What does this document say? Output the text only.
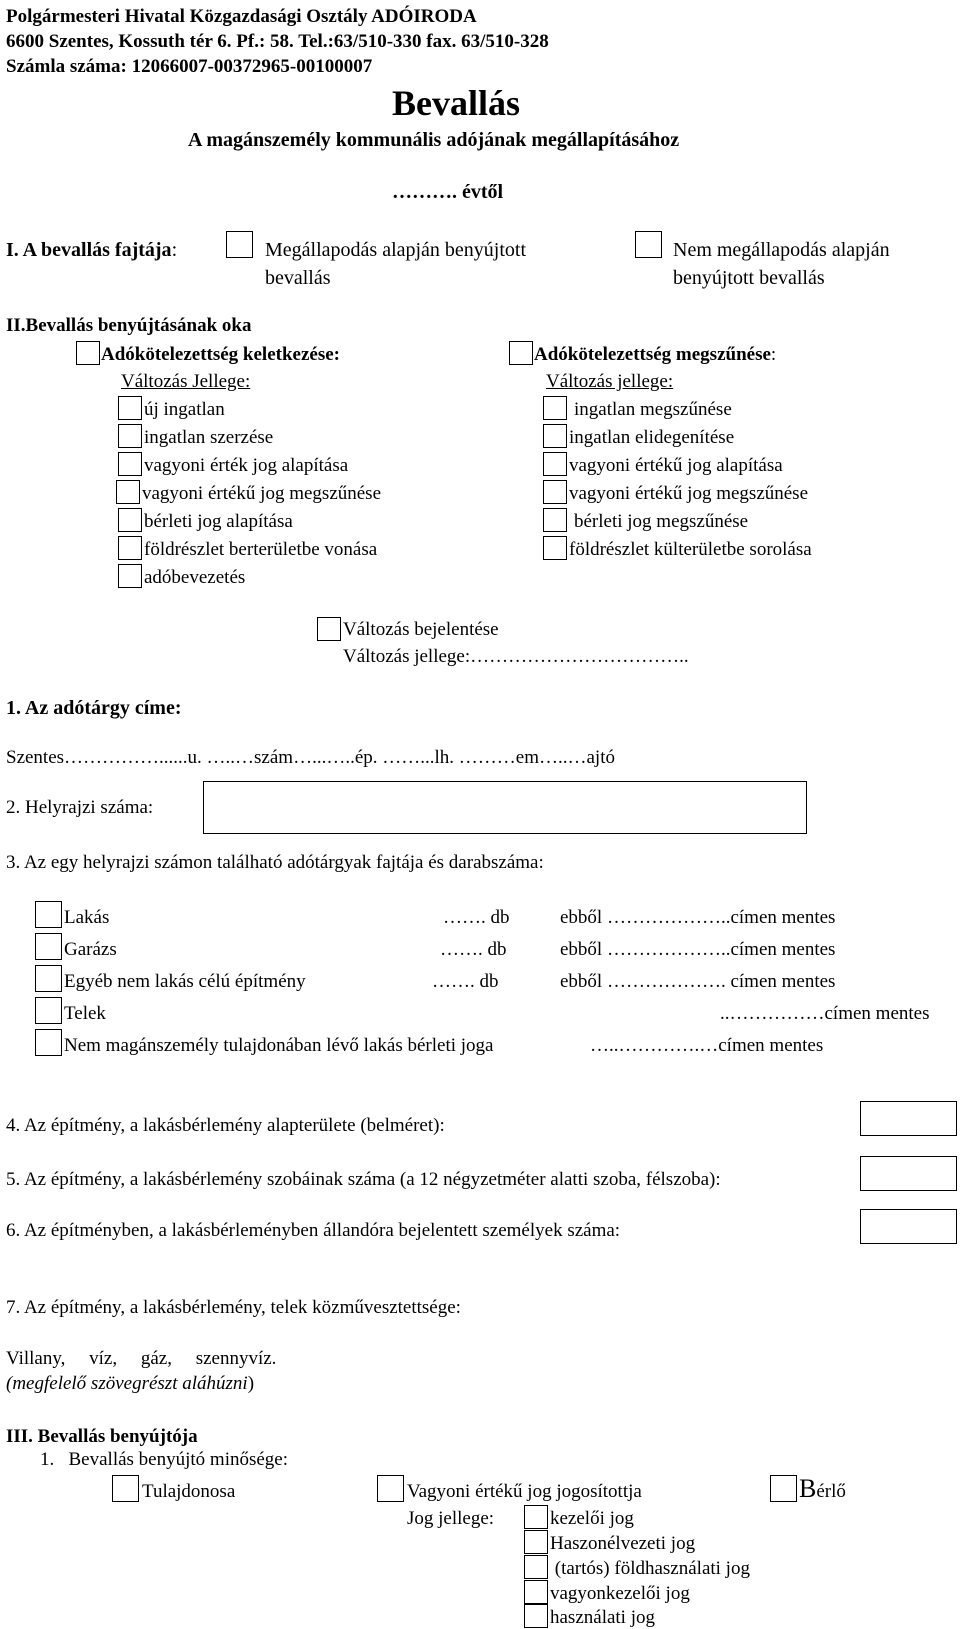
Polgármesteri Hivatal Közgazdasági Osztály ADÓIRODA
6600 Szentes, Kossuth tér 6. Pf.: 58. Tel.:63/510-330 fax. 63/510-328
Számla száma: 12066007-00372965-00100007
Bevallás
A magánszemély kommunális adójának megállapításához
………. évtől
I. A bevallás fajtája:	Megállapodás alapján benyújtott
bevallás
Nem megállapodás alapján
benyújtott bevallás
II.Bevallás benyújtásának oka
Adókötelezettség keletkezése:
Változás Jellege:
Adókötelezettség megszűnése:
Változás jellege:
új ingatlan
ingatlan szerzése
vagyoni érték jog alapítása
vagyoni értékű jog megszűnése
bérleti jog alapítása
földrészlet berterületbe vonása
adóbevezetés
ingatlan megszűnése
ingatlan elidegenítése
vagyoni értékű jog alapítása
vagyoni értékű jog megszűnése
bérleti jog megszűnése
földrészlet külterületbe sorolása
Változás bejelentése
Változás jellege:……………………………..
1. Az adótárgy címe:
Szentes……………......u. …..…szám…...…..ép. ……...lh. ………em…..…ajtó
2. Helyrajzi száma:
3. Az egy helyrajzi számon található adótárgyak fajtája és darabszáma:
Lakás	……. db	ebből ………………..címen mentes
Garázs	……. db	ebből ………………..címen mentes
Egyéb nem lakás célú építmény	……. db	ebből ………………. címen mentes
Telek	..……………címen mentes
Nem magánszemély tulajdonában lévő lakás bérleti joga	…..………….…címen mentes
4. Az építmény, a lakásbérlemény alapterülete (belméret):
5. Az építmény, a lakásbérlemény szobáinak száma (a 12 négyzetméter alatti szoba, félszoba):
6. Az építményben, a lakásbérleményben állandóra bejelentett személyek száma:
7. Az építmény, a lakásbérlemény, telek közművesztettsége:
Villany,     víz,     gáz,     szennyvíz.
(megfelelő szövegrészt aláhúzni)
III. Bevallás benyújtója
1.   Bevallás benyújtó minősége:
Tulajdonosa	Vagyoni értékű jog jogosítottja	Bérlő
Jog jellege:	kezelői jog
Haszonélvezeti jog
(tartós) földhasználati jog
vagyonkezelői jog
használati jog
